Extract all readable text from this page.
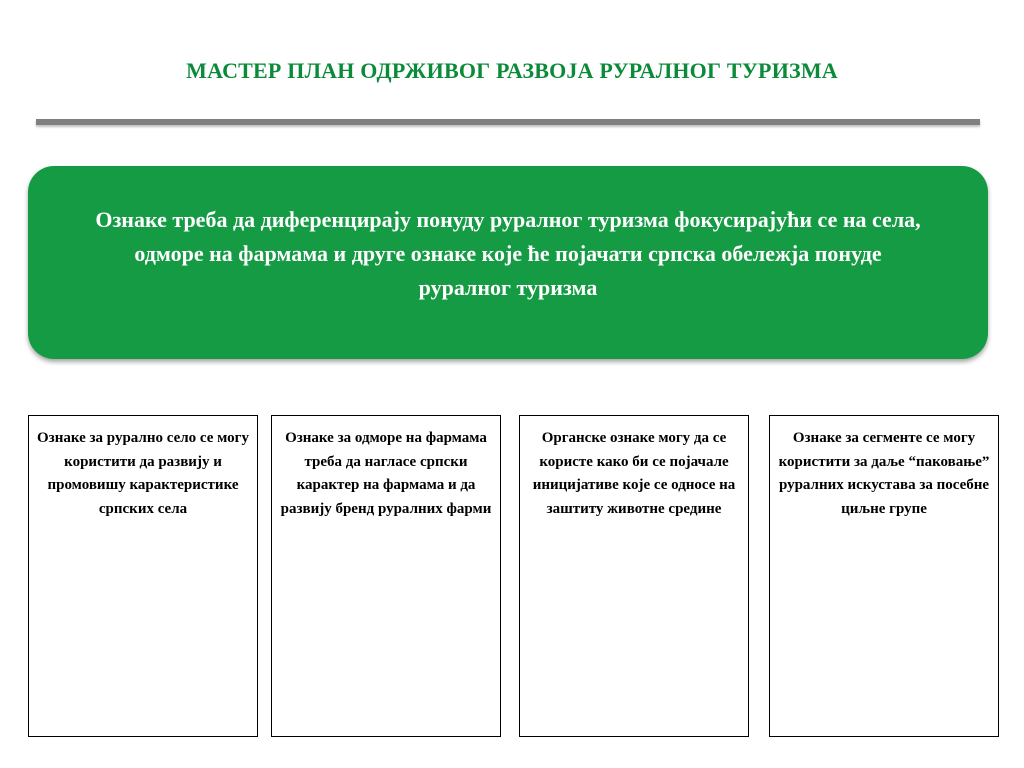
МАСТЕР ПЛАН ОДРЖИВОГ РАЗВОЈА РУРАЛНОГ ТУРИЗМА
Ознаке треба да диференцирају понуду руралног туризма фокусирајући се на села, одморе на фармама и друге ознаке које ће појачати српска обележја понуде руралног туризма
Ознаке за рурално село се могу користити да развију и промовишу карактеристике српских села
Ознаке за одморе на фармама треба да нагласе српски карактер на фармама и да развију бренд руралних фарми
Органске ознаке могу да се користе како би се појачале иницијативе које се односе на заштиту животне средине
Ознаке за сегменте се могу користити за даље “паковање” руралних искустава за посебне циљне групе
